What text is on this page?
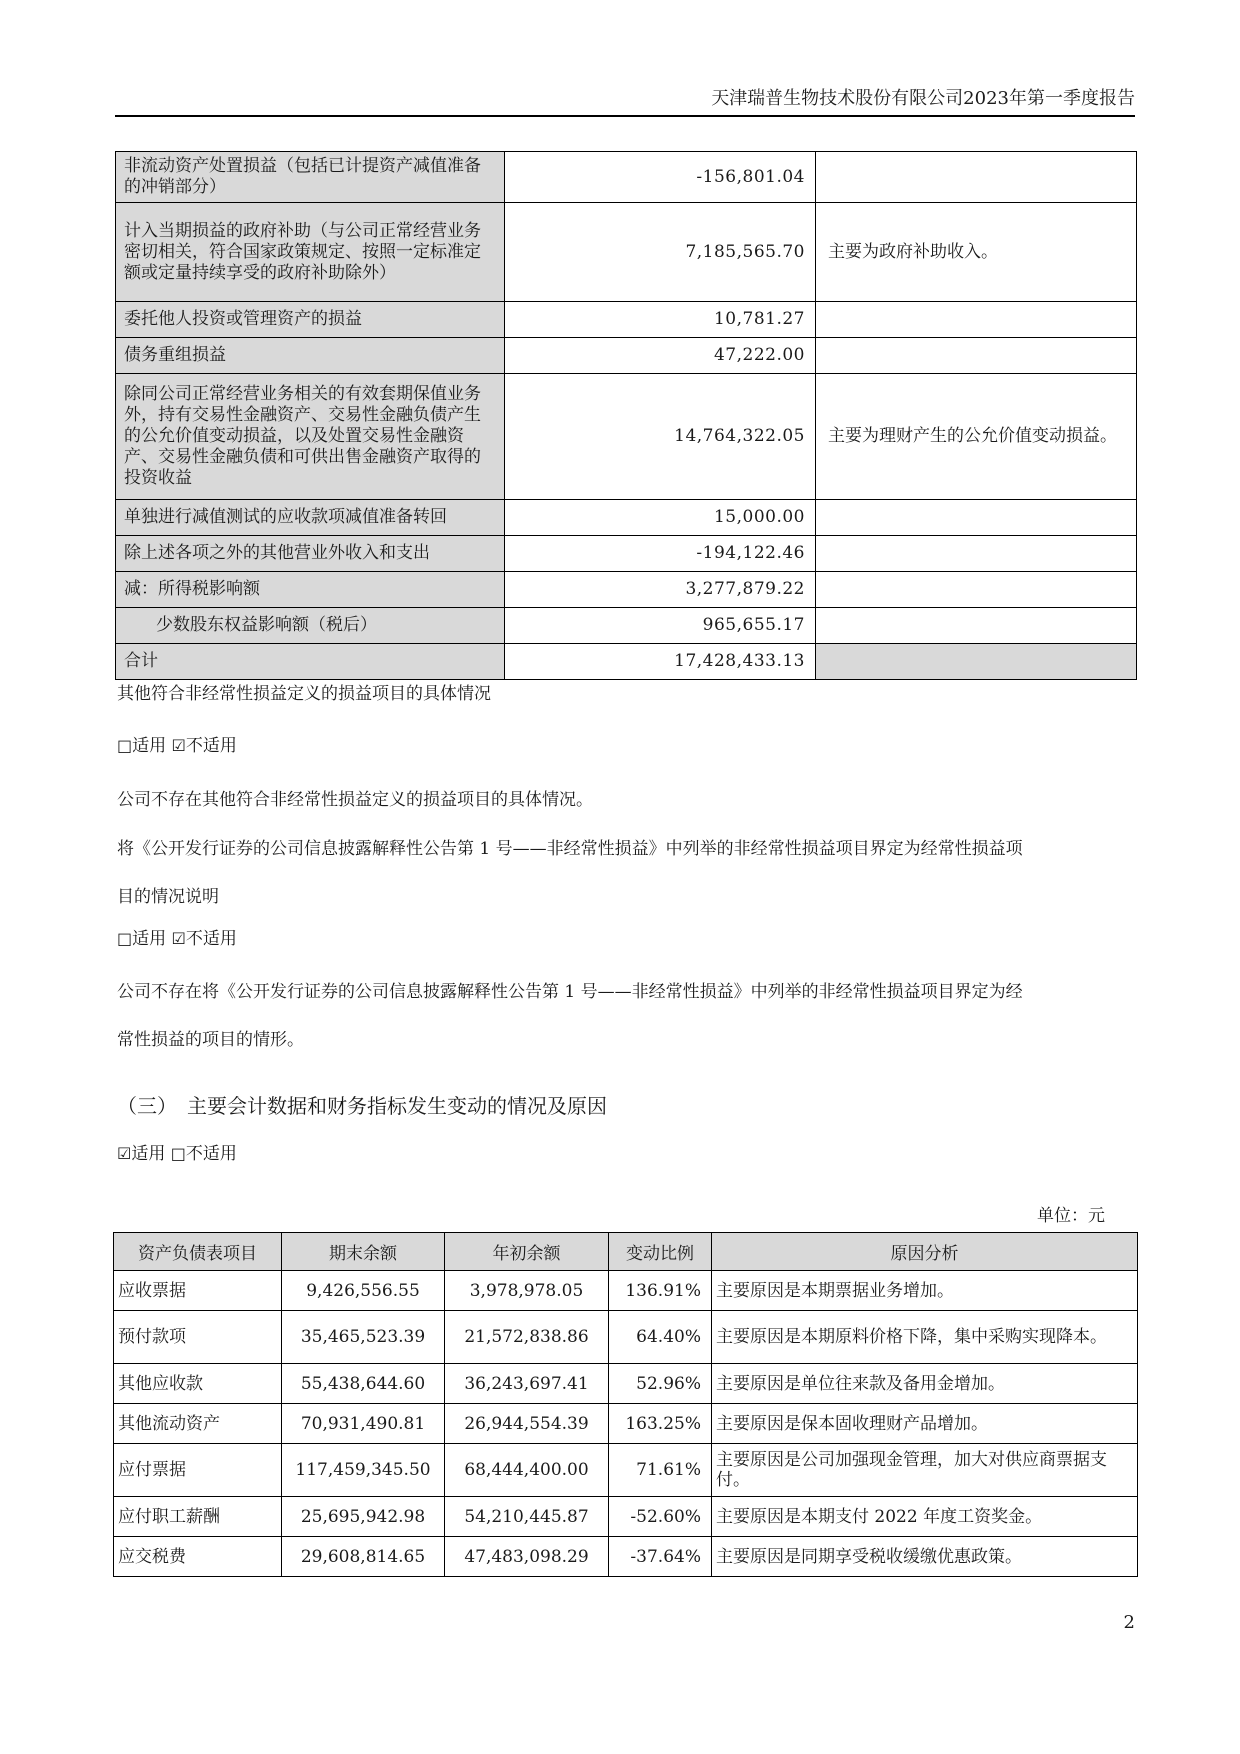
天津瑞普生物技术股份有限公司2023年第一季度报告
非流动资产处置损益（包括已计提资产减值准备的冲销部分）	-156,801.04	
计入当期损益的政府补助（与公司正常经营业务密切相关，符合国家政策规定、按照一定标准定额或定量持续享受的政府补助除外）	7,185,565.70	主要为政府补助收入。
委托他人投资或管理资产的损益	10,781.27	
债务重组损益	47,222.00	
除同公司正常经营业务相关的有效套期保值业务外，持有交易性金融资产、交易性金融负债产生的公允价值变动损益，以及处置交易性金融资产、交易性金融负债和可供出售金融资产取得的投资收益	14,764,322.05	主要为理财产生的公允价值变动损益。
单独进行减值测试的应收款项减值准备转回	15,000.00	
除上述各项之外的其他营业外收入和支出	-194,122.46	
减：所得税影响额	3,277,879.22	
少数股东权益影响额（税后）	965,655.17	
合计	17,428,433.13	
其他符合非经常性损益定义的损益项目的具体情况
□适用 ☑不适用
公司不存在其他符合非经常性损益定义的损益项目的具体情况。
将《公开发行证券的公司信息披露解释性公告第 1 号——非经常性损益》中列举的非经常性损益项目界定为经常性损益项
目的情况说明
□适用 ☑不适用
公司不存在将《公开发行证券的公司信息披露解释性公告第 1 号——非经常性损益》中列举的非经常性损益项目界定为经
常性损益的项目的情形。
（三）　主要会计数据和财务指标发生变动的情况及原因
☑适用 □不适用
单位：元
资产负债表项目	期末余额	年初余额	变动比例	原因分析
应收票据	9,426,556.55	3,978,978.05	136.91%	主要原因是本期票据业务增加。
预付款项	35,465,523.39	21,572,838.86	64.40%	主要原因是本期原料价格下降，集中采购实现降本。
其他应收款	55,438,644.60	36,243,697.41	52.96%	主要原因是单位往来款及备用金增加。
其他流动资产	70,931,490.81	26,944,554.39	163.25%	主要原因是保本固收理财产品增加。
应付票据	117,459,345.50	68,444,400.00	71.61%	主要原因是公司加强现金管理，加大对供应商票据支付。
应付职工薪酬	25,695,942.98	54,210,445.87	-52.60%	主要原因是本期支付 2022 年度工资奖金。
应交税费	29,608,814.65	47,483,098.29	-37.64%	主要原因是同期享受税收缓缴优惠政策。
2
